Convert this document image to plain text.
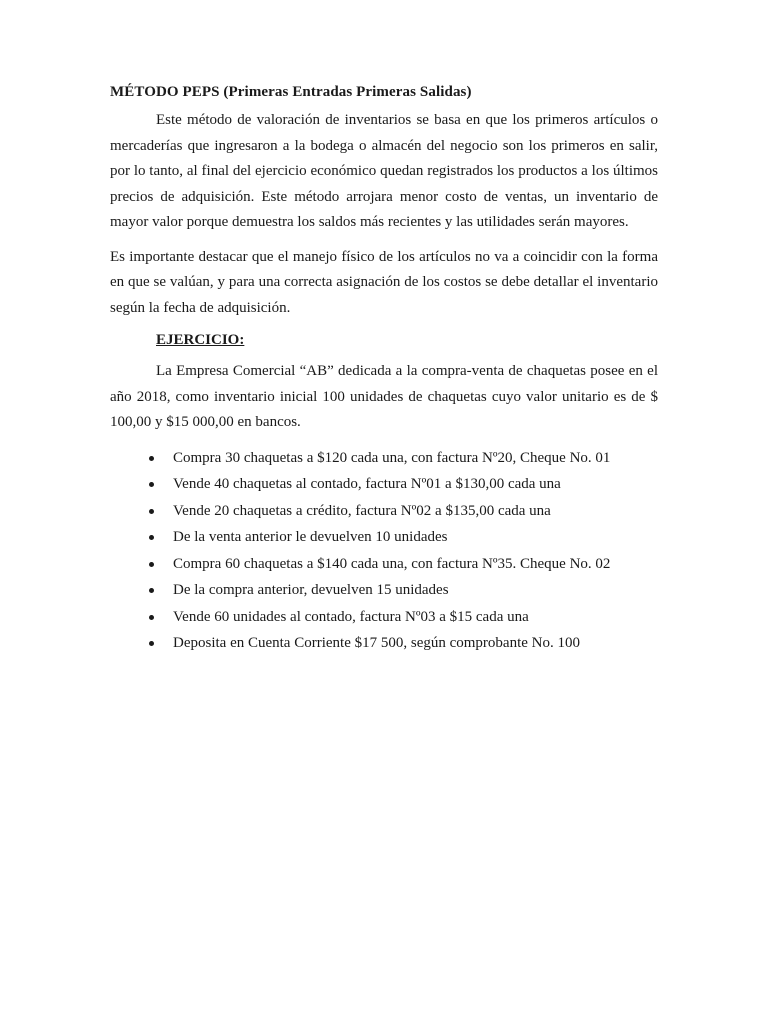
MÉTODO PEPS (Primeras Entradas Primeras Salidas)

Este método de valoración de inventarios se basa en que los primeros artículos o mercaderías que ingresaron a la bodega o almacén del negocio son los primeros en salir, por lo tanto, al final del ejercicio económico quedan registrados los productos a los últimos precios de adquisición. Este método arrojara menor costo de ventas, un inventario de mayor valor porque demuestra los saldos más recientes y las utilidades serán mayores.

Es importante destacar que el manejo físico de los artículos no va a coincidir con la forma en que se valúan, y para una correcta asignación de los costos se debe detallar el inventario según la fecha de adquisición.

EJERCICIO:

La Empresa Comercial “AB” dedicada a la compra-venta de chaquetas posee en el año 2018, como inventario inicial 100 unidades de chaquetas cuyo valor unitario es de $ 100,00 y $15 000,00 en bancos.

Compra 30 chaquetas a $120 cada una, con factura Nº20, Cheque No. 01
Vende 40 chaquetas al contado, factura Nº01 a $130,00 cada una
Vende 20 chaquetas a crédito, factura Nº02 a $135,00 cada una
De la venta anterior le devuelven 10 unidades
Compra 60 chaquetas a $140 cada una, con factura Nº35. Cheque No. 02
De la compra anterior, devuelven 15 unidades
Vende 60 unidades al contado, factura Nº03 a $15 cada una
Deposita en Cuenta Corriente $17 500, según comprobante No. 100
